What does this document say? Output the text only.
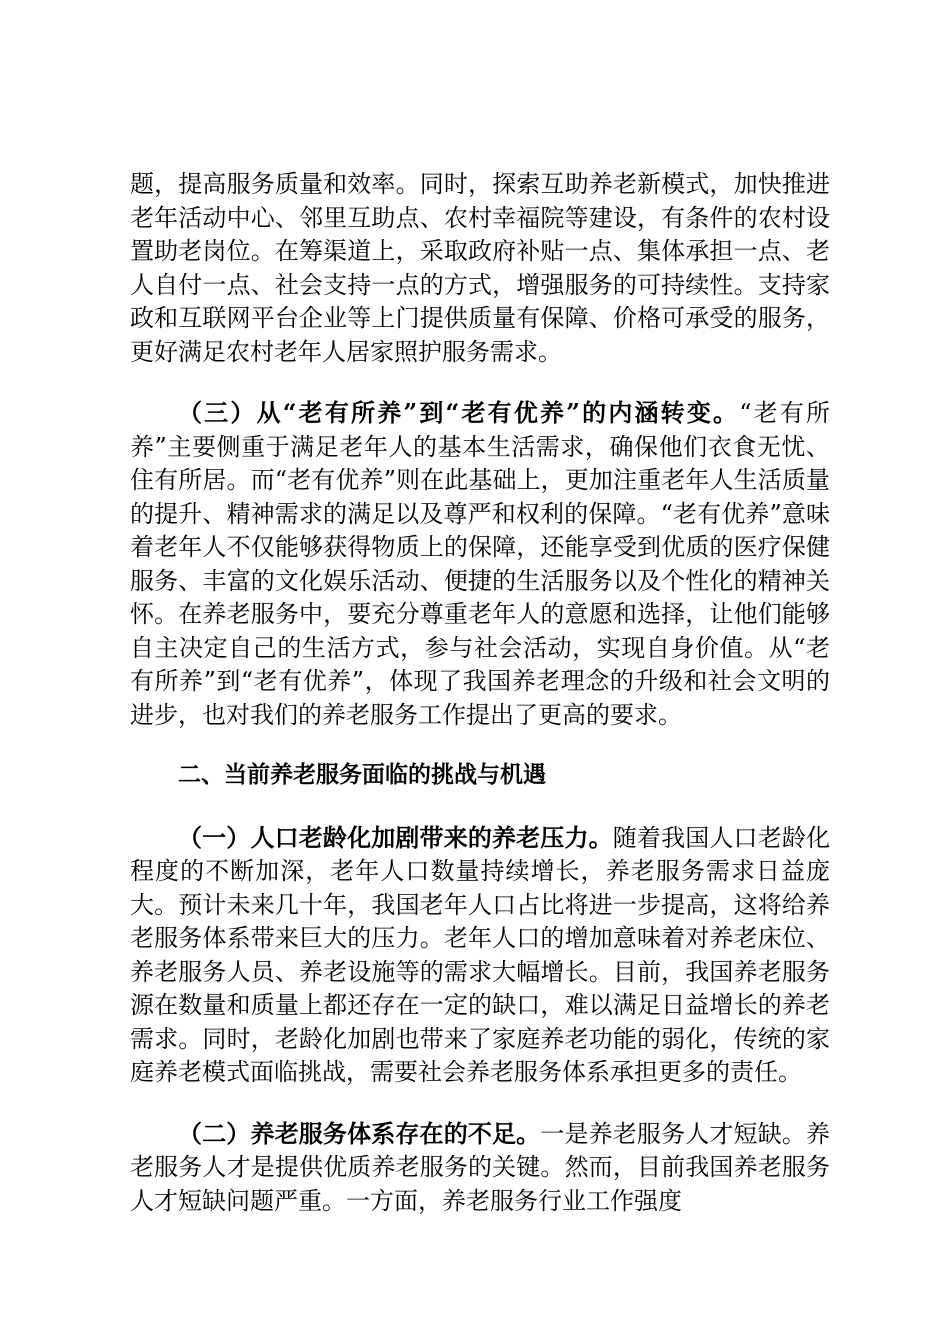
题，提高服务质量和效率。同时，探索互助养老新模式，加快推进老年活动中心、邻里互助点、农村幸福院等建设，有条件的农村设置助老岗位。在筹渠道上，采取政府补贴一点、集体承担一点、老人自付一点、社会支持一点的方式，增强服务的可持续性。支持家政和互联网平台企业等上门提供质量有保障、价格可承受的服务，更好满足农村老年人居家照护服务需求。

（三）从“老有所养”到“老有优养”的内涵转变。“老有所养”主要侧重于满足老年人的基本生活需求，确保他们衣食无忧、住有所居。而“老有优养”则在此基础上，更加注重老年人生活质量的提升、精神需求的满足以及尊严和权利的保障。“老有优养”意味着老年人不仅能够获得物质上的保障，还能享受到优质的医疗保健服务、丰富的文化娱乐活动、便捷的生活服务以及个性化的精神关怀。在养老服务中，要充分尊重老年人的意愿和选择，让他们能够自主决定自己的生活方式，参与社会活动，实现自身价值。从“老有所养”到“老有优养”，体现了我国养老理念的升级和社会文明的进步，也对我们的养老服务工作提出了更高的要求。

二、当前养老服务面临的挑战与机遇

（一）人口老龄化加剧带来的养老压力。随着我国人口老龄化程度的不断加深，老年人口数量持续增长，养老服务需求日益庞大。预计未来几十年，我国老年人口占比将进一步提高，这将给养老服务体系带来巨大的压力。老年人口的增加意味着对养老床位、养老服务人员、养老设施等的需求大幅增长。目前，我国养老服务源在数量和质量上都还存在一定的缺口，难以满足日益增长的养老需求。同时，老龄化加剧也带来了家庭养老功能的弱化，传统的家庭养老模式面临挑战，需要社会养老服务体系承担更多的责任。

（二）养老服务体系存在的不足。一是养老服务人才短缺。养老服务人才是提供优质养老服务的关键。然而，目前我国养老服务人才短缺问题严重。一方面，养老服务行业工作强度
